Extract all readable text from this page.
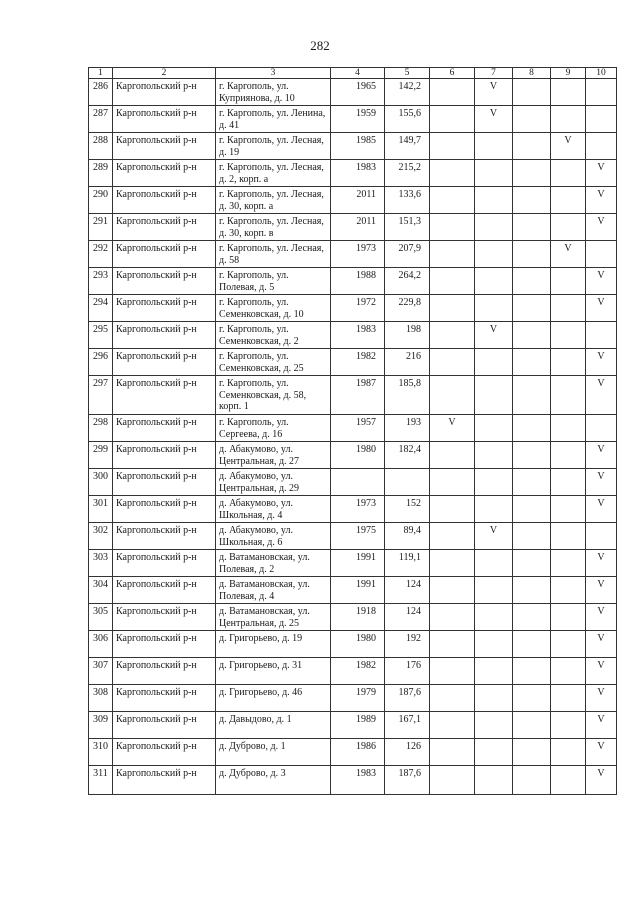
282
1	2	3	4	5	6	7	8	9	10
286	Каргопольский р-н	г. Каргополь, ул. Куприянова, д. 10	1965	142,2		V			
287	Каргопольский р-н	г. Каргополь, ул. Ленина, д. 41	1959	155,6		V			
288	Каргопольский р-н	г. Каргополь, ул. Лесная, д. 19	1985	149,7				V	
289	Каргопольский р-н	г. Каргополь, ул. Лесная, д. 2, корп. а	1983	215,2					V
290	Каргопольский р-н	г. Каргополь, ул. Лесная, д. 30, корп. а	2011	133,6					V
291	Каргопольский р-н	г. Каргополь, ул. Лесная, д. 30, корп. в	2011	151,3					V
292	Каргопольский р-н	г. Каргополь, ул. Лесная, д. 58	1973	207,9				V	
293	Каргопольский р-н	г. Каргополь, ул. Полевая, д. 5	1988	264,2					V
294	Каргопольский р-н	г. Каргополь, ул. Семенковская, д. 10	1972	229,8					V
295	Каргопольский р-н	г. Каргополь, ул. Семенковская, д. 2	1983	198		V			
296	Каргопольский р-н	г. Каргополь, ул. Семенковская, д. 25	1982	216					V
297	Каргопольский р-н	г. Каргополь, ул. Семенковская, д. 58, корп. 1	1987	185,8					V
298	Каргопольский р-н	г. Каргополь, ул. Сергеева, д. 16	1957	193	V				
299	Каргопольский р-н	д. Абакумово, ул. Центральная, д. 27	1980	182,4					V
300	Каргопольский р-н	д. Абакумово, ул. Центральная, д. 29							V
301	Каргопольский р-н	д. Абакумово, ул. Школьная, д. 4	1973	152					V
302	Каргопольский р-н	д. Абакумово, ул. Школьная, д. 6	1975	89,4		V			
303	Каргопольский р-н	д. Ватамановская, ул. Полевая, д. 2	1991	119,1					V
304	Каргопольский р-н	д. Ватамановская, ул. Полевая, д. 4	1991	124					V
305	Каргопольский р-н	д. Ватамановская, ул. Центральная, д. 25	1918	124					V
306	Каргопольский р-н	д. Григорьево, д. 19	1980	192					V
307	Каргопольский р-н	д. Григорьево, д. 31	1982	176					V
308	Каргопольский р-н	д. Григорьево, д. 46	1979	187,6					V
309	Каргопольский р-н	д. Давыдово, д. 1	1989	167,1					V
310	Каргопольский р-н	д. Дуброво, д. 1	1986	126					V
311	Каргопольский р-н	д. Дуброво, д. 3	1983	187,6					V
